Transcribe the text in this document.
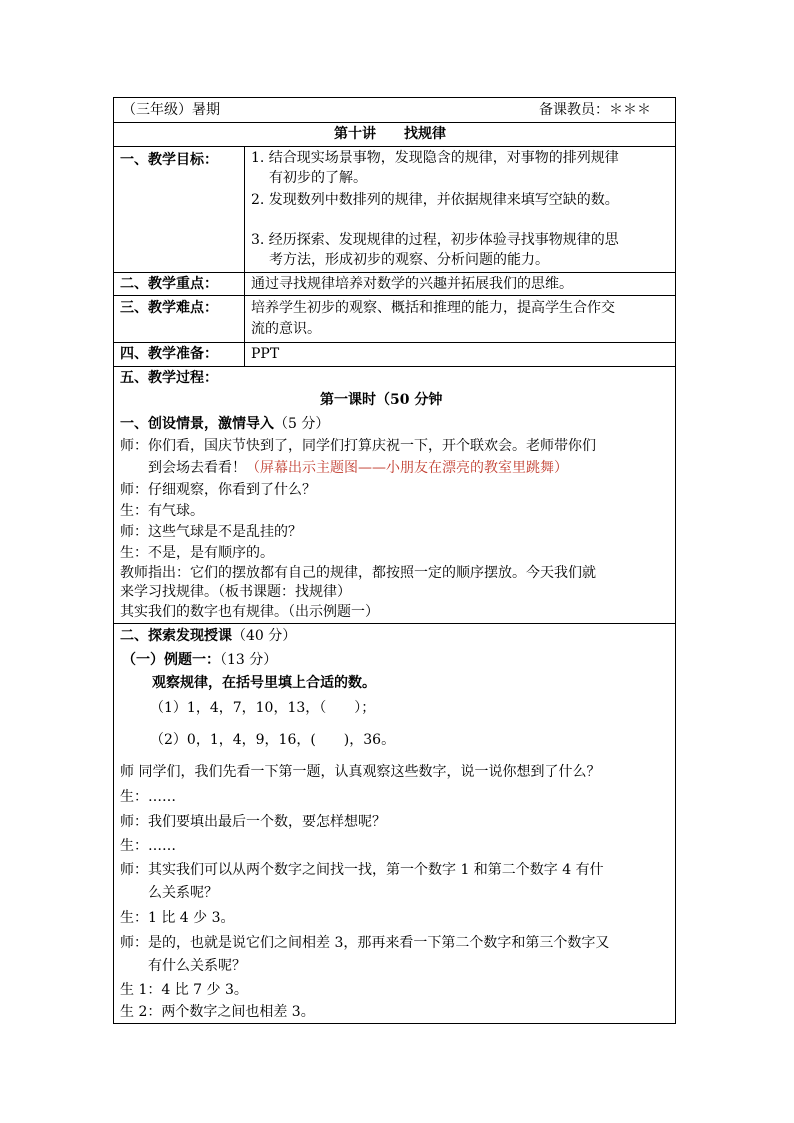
（三年级）暑期	备课教员：＊＊＊
第十讲　　找规律
一、教学目标： 1. 结合现实场景事物，发现隐含的规律，对事物的排列规律
有初步的了解。
2. 发现数列中数排列的规律，并依据规律来填写空缺的数。
3. 经历探索、发现规律的过程，初步体验寻找事物规律的思
考方法，形成初步的观察、分析问题的能力。
二、教学重点： 通过寻找规律培养对数学的兴趣并拓展我们的思维。
三、教学难点： 培养学生初步的观察、概括和推理的能力，提高学生合作交
流的意识。
四、教学准备： PPT
五、教学过程：
第一课时（50 分钟
一、创设情景，激情导入（5 分）
师：你们看，国庆节快到了，同学们打算庆祝一下，开个联欢会。老师带你们
到会场去看看！（屏幕出示主题图——小朋友在漂亮的教室里跳舞）
师：仔细观察，你看到了什么？
生：有气球。
师：这些气球是不是乱挂的？
生：不是，是有顺序的。
教师指出：它们的摆放都有自己的规律，都按照一定的顺序摆放。今天我们就
来学习找规律。（板书课题：找规律）
其实我们的数字也有规律。（出示例题一）
二、探索发现授课（40 分）
（一）例题一：（13 分）
观察规律，在括号里填上合适的数。
（1）1，4，7，10，13，（　　）；
（2）0，1，4，9，16，(　　)，36。
师 同学们，我们先看一下第一题，认真观察这些数字，说一说你想到了什么？
生：……
师：我们要填出最后一个数，要怎样想呢？
生：……
师：其实我们可以从两个数字之间找一找，第一个数字 1 和第二个数字 4 有什
么关系呢？
生：1 比 4 少 3。
师：是的，也就是说它们之间相差 3，那再来看一下第二个数字和第三个数字又
有什么关系呢？
生 1：4 比 7 少 3。
生 2：两个数字之间也相差 3。
